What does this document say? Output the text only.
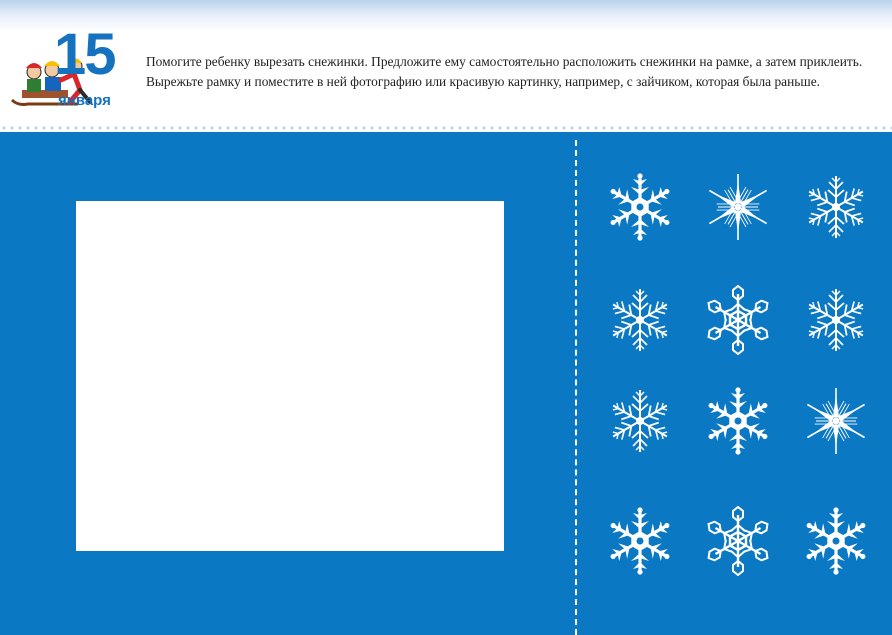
15
января

Помогите ребенку вырезать снежинки. Предложите ему самостоятельно расположить снежинки на рамке, а затем приклеить. Вырежьте рамку и поместите в ней фотографию или красивую картинку, например, с зайчиком, которая была раньше.
